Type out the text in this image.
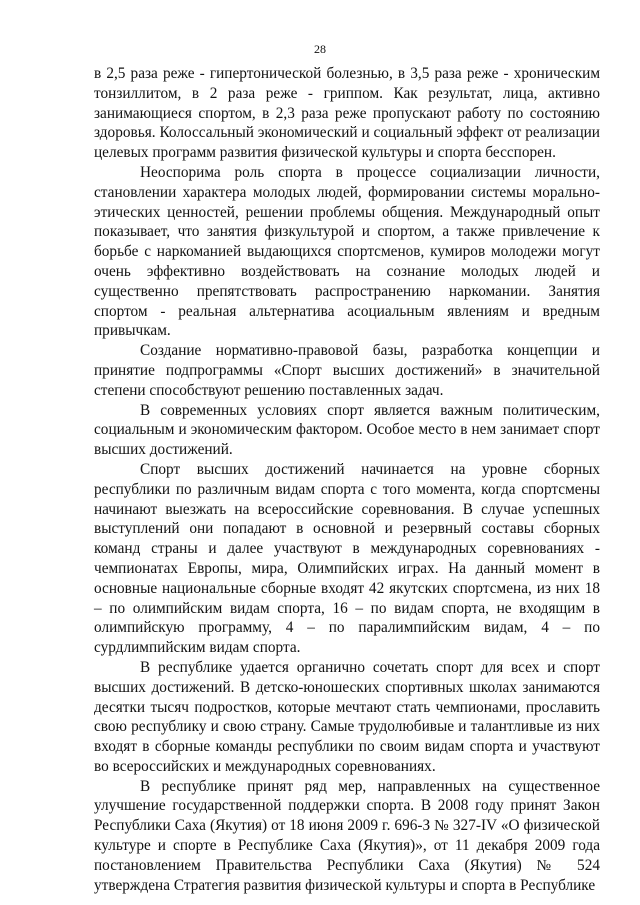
28

в 2,5 раза реже - гипертонической болезнью, в 3,5 раза реже - хроническим тонзиллитом, в 2 раза реже - гриппом. Как результат, лица, активно занимающиеся спортом, в 2,3 раза реже пропускают работу по состоянию здоровья. Колоссальный экономический и социальный эффект от реализации целевых программ развития физической культуры и спорта бесспорен.

Неоспорима роль спорта в процессе социализации личности, становлении характера молодых людей, формировании системы морально-этических ценностей, решении проблемы общения. Международный опыт показывает, что занятия физкультурой и спортом, а также привлечение к борьбе с наркоманией выдающихся спортсменов, кумиров молодежи могут очень эффективно воздействовать на сознание молодых людей и существенно препятствовать распространению наркомании. Занятия спортом - реальная альтернатива асоциальным явлениям и вредным привычкам.

Создание нормативно-правовой базы, разработка концепции и принятие подпрограммы «Спорт высших достижений» в значительной степени способствуют решению поставленных задач.

В современных условиях спорт является важным политическим, социальным и экономическим фактором. Особое место в нем занимает спорт высших достижений.

Спорт высших достижений начинается на уровне сборных республики по различным видам спорта с того момента, когда спортсмены начинают выезжать на всероссийские соревнования. В случае успешных выступлений они попадают в основной и резервный составы сборных команд страны и далее участвуют в международных соревнованиях - чемпионатах Европы, мира, Олимпийских играх. На данный момент в основные национальные сборные входят 42 якутских спортсмена, из них 18 – по олимпийским видам спорта, 16 – по видам спорта, не входящим в олимпийскую программу, 4 – по паралимпийским видам, 4 – по сурдлимпийским видам спорта.

В республике удается органично сочетать спорт для всех и спорт высших достижений. В детско-юношеских спортивных школах занимаются десятки тысяч подростков, которые мечтают стать чемпионами, прославить свою республику и свою страну. Самые трудолюбивые и талантливые из них входят в сборные команды республики по своим видам спорта и участвуют во всероссийских и международных соревнованиях.

В республике принят ряд мер, направленных на существенное улучшение государственной поддержки спорта. В 2008 году принят Закон Республики Саха (Якутия) от 18 июня 2009 г. 696-З № 327-IV «О физической культуре и спорте в Республике Саха (Якутия)», от 11 декабря 2009 года постановлением Правительства Республики Саха (Якутия) № 524 утверждена Стратегия развития физической культуры и спорта в Республике
